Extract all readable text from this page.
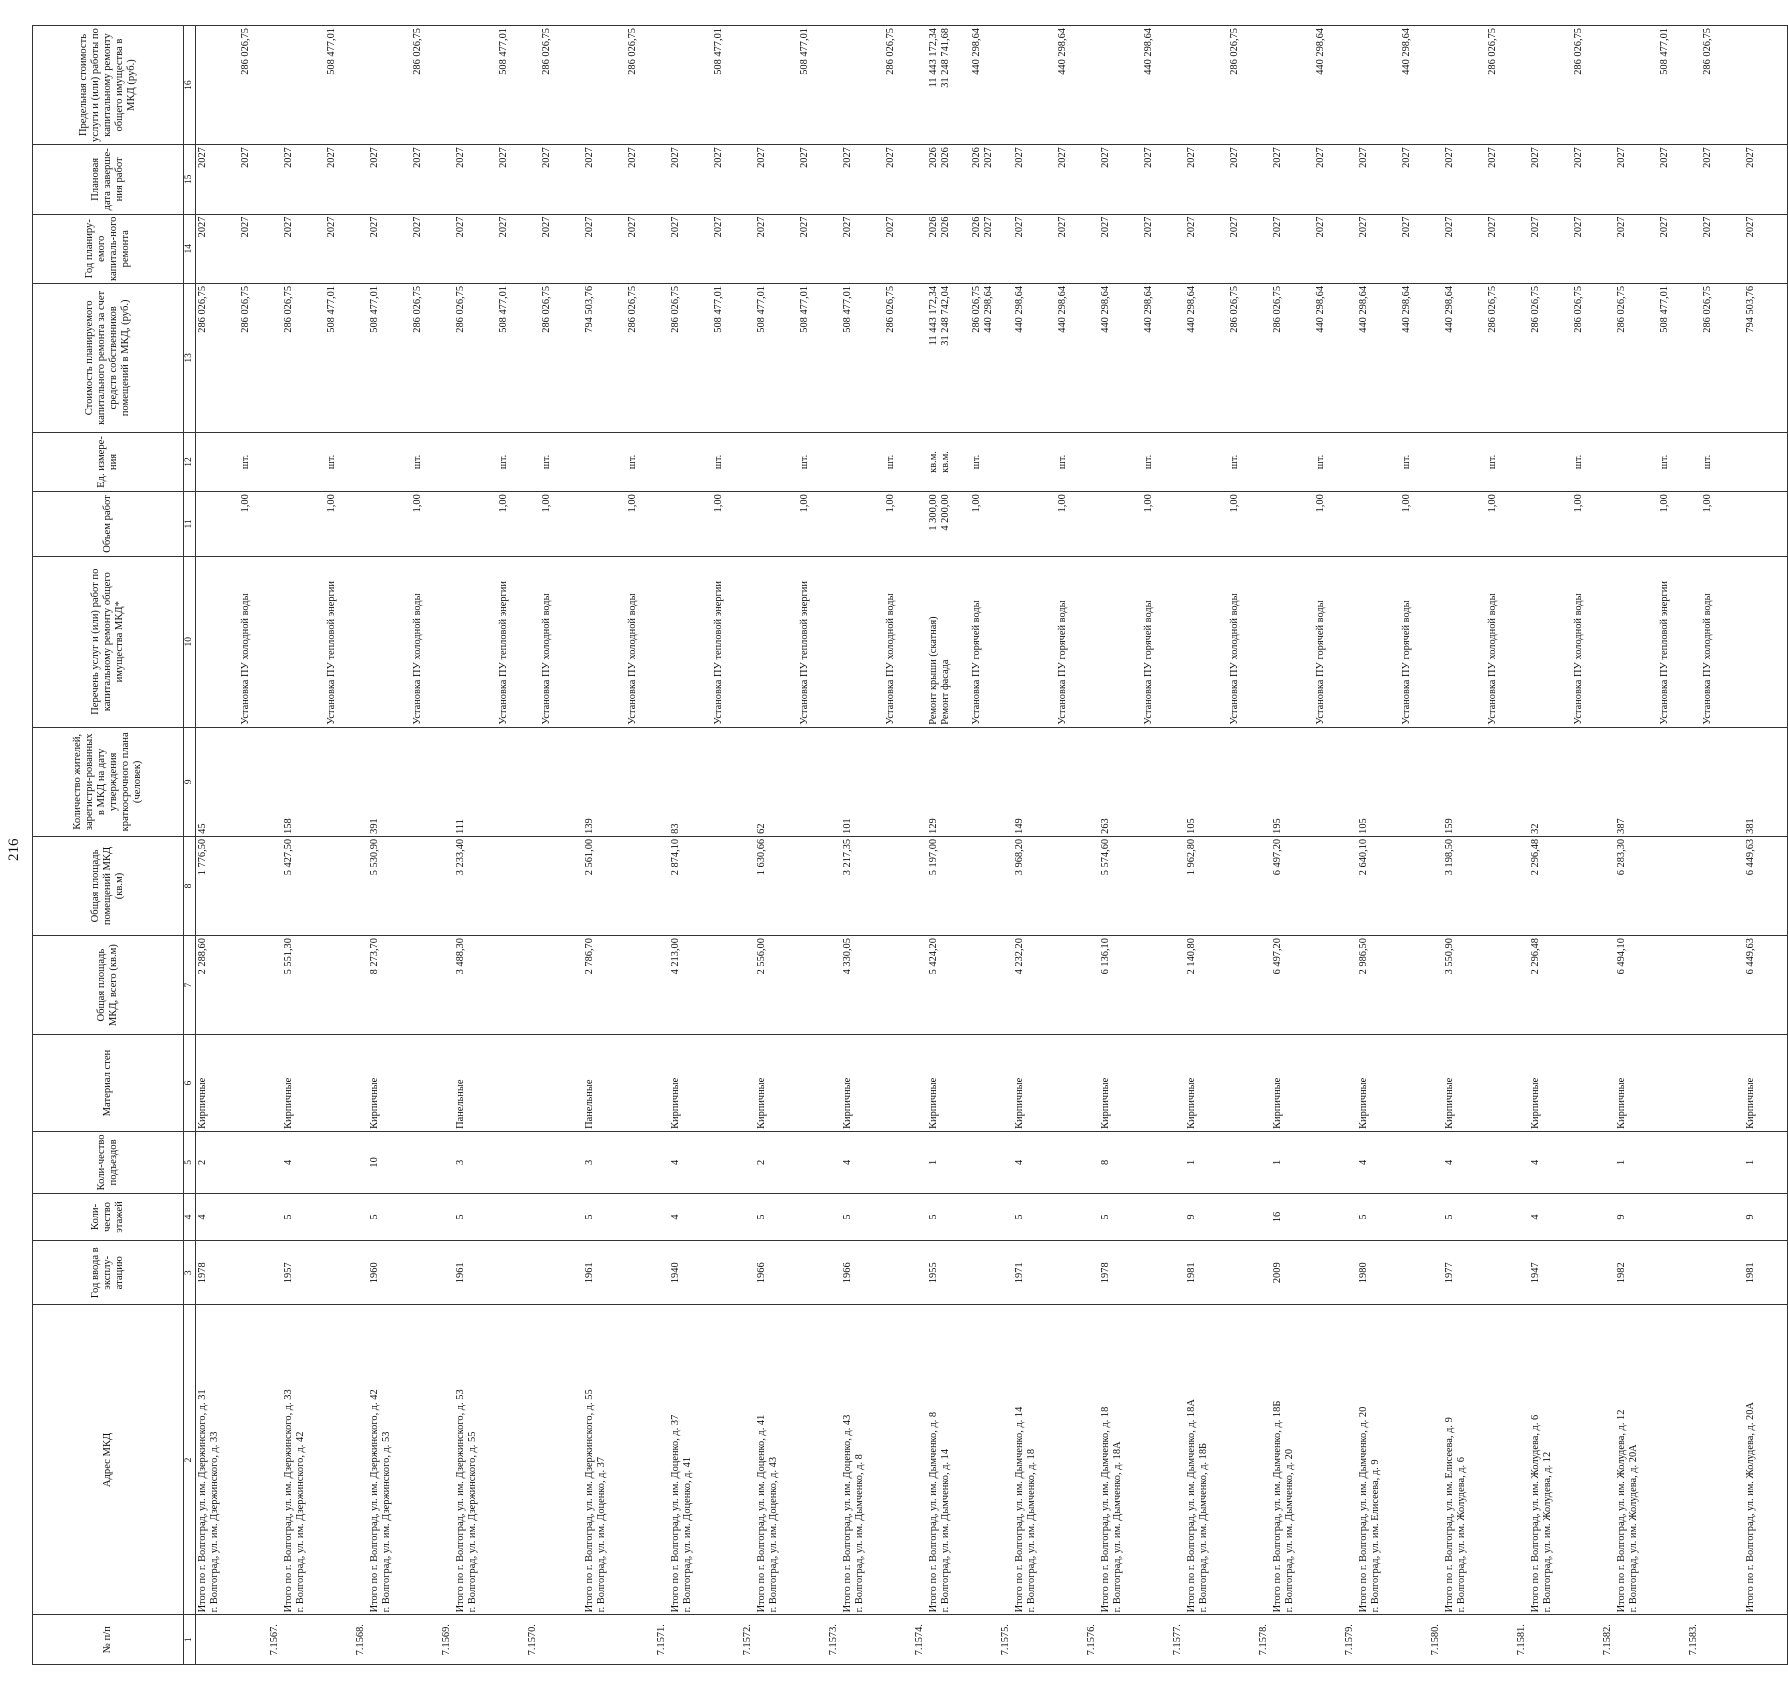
216
№ п/п	Адрес МКД	Год ввода в эксплу-атацию	Коли-чество этажей	Коли-чество подъездов	Материал стен	Общая площадь МКД, всего (кв.м)	Общая площадь помещений МКД (кв.м)	Количество жителей, зарегистри-рованных в МКД на дату утверждения краткосрочного плана (человек)	Перечень услуг и (или) работ по капитальному ремонту общего имущества МКД*	Объем работ	Ед. измере-ния	Стоимость планируемого капитального ремонта за счет средств собственников помещений в МКД, (руб.)	Год планиру-емого капиталь-ного ремонта	Плановая дата заверше-ния работ	Предельная стоимость услуги и (или) работы по капитальному ремонту общего имущества в МКД (руб.)
1	2	3	4	5	6	7	8	9	10	11	12	13	14	15	16

	Итого по г. Волгоград, ул. им. Дзержинского, д. 31 г. Волгоград, ул. им. Дзержинского, д. 33	1978	4	2	Кирпичные	2 288,60	1 776,50	45				286 026,75	2027	2027	

7.1567.									Установка ПУ холодной воды	1,00	шт.	286 026,75	2027	2027	286 026,75

	Итого по г. Волгоград, ул. им. Дзержинского, д. 33 г. Волгоград, ул. им. Дзержинского, д. 42	1957	5	4	Кирпичные	5 551,30	5 427,50	158				286 026,75	2027	2027	

7.1568.									Установка ПУ тепловой энергии	1,00	шт.	508 477,01	2027	2027	508 477,01

	Итого по г. Волгоград, ул. им. Дзержинского, д. 42 г. Волгоград, ул. им. Дзержинского, д. 53	1960	5	10	Кирпичные	8 273,70	5 530,90	391				508 477,01	2027	2027	

7.1569.									Установка ПУ холодной воды	1,00	шт.	286 026,75	2027	2027	286 026,75

	Итого по г. Волгоград, ул. им. Дзержинского, д. 53 г. Волгоград, ул. им. Дзержинского, д. 55	1961	5	3	Панельные	3 488,30	3 233,40	111				286 026,75	2027	2027	

7.1570.									Установка ПУ тепловой энергии	1,00	шт.	508 477,01	2027	2027	508 477,01

									Установка ПУ холодной воды	1,00	шт.	286 026,75	2027	2027	286 026,75

	Итого по г. Волгоград, ул. им. Дзержинского, д. 55 г. Волгоград, ул. им. Доценко, д. 37	1961	5	3	Панельные	2 786,70	2 561,00	139				794 503,76	2027	2027	

7.1571.									Установка ПУ холодной воды	1,00	шт.	286 026,75	2027	2027	286 026,75

	Итого по г. Волгоград, ул. им. Доценко, д. 37 г. Волгоград, ул. им. Доценко, д. 41	1940	4	4	Кирпичные	4 213,00	2 874,10	83				286 026,75	2027	2027	

7.1572.									Установка ПУ тепловой энергии	1,00	шт.	508 477,01	2027	2027	508 477,01

	Итого по г. Волгоград, ул. им. Доценко, д. 41 г. Волгоград, ул. им. Доценко, д. 43	1966	5	2	Кирпичные	2 556,00	1 630,66	62				508 477,01	2027	2027	

7.1573.									Установка ПУ тепловой энергии	1,00	шт.	508 477,01	2027	2027	508 477,01

	Итого по г. Волгоград, ул. им. Доценко, д. 43 г. Волгоград, ул. им. Дымченко, д. 8	1966	5	4	Кирпичные	4 330,05	3 217,35	101				508 477,01	2027	2027	

7.1574.									Установка ПУ холодной воды	1,00	шт.	286 026,75	2027	2027	286 026,75

	Итого по г. Волгоград, ул. им. Дымченко, д. 8 г. Волгоград, ул. им. Дымченко, д. 14	1955	5	1	Кирпичные	5 424,20	5 197,00	129	Ремонт крыши (скатная) Ремонт фасада	1 300,00 4 200,00	кв.м. кв.м.	11 443 172,34 31 248 742,04	2026 2026	2026 2026	11 443 172,34 31 248 741,68

7.1575.									Установка ПУ горячей воды	1,00	шт.	286 026,75 440 298,64	2026 2027	2026 2027	440 298,64

	Итого по г. Волгоград, ул. им. Дымченко, д. 14 г. Волгоград, ул. им. Дымченко, д. 18	1971	5	4	Кирпичные	4 232,20	3 968,20	149				440 298,64	2027	2027	

7.1576.									Установка ПУ горячей воды	1,00	шт.	440 298,64	2027	2027	440 298,64

	Итого по г. Волгоград, ул. им. Дымченко, д. 18 г. Волгоград, ул. им. Дымченко, д. 18А	1978	5	8	Кирпичные	6 136,10	5 574,60	263				440 298,64	2027	2027	

7.1577.									Установка ПУ горячей воды	1,00	шт.	440 298,64	2027	2027	440 298,64

	Итого по г. Волгоград, ул. им. Дымченко, д. 18А г. Волгоград, ул. им. Дымченко, д. 18Б	1981	9	1	Кирпичные	2 140,80	1 962,80	105				440 298,64	2027	2027	

7.1578.									Установка ПУ холодной воды	1,00	шт.	286 026,75	2027	2027	286 026,75

	Итого по г. Волгоград, ул. им. Дымченко, д. 18Б г. Волгоград, ул. им. Дымченко, д. 20	2009	16	1	Кирпичные	6 497,20	6 497,20	195				286 026,75	2027	2027	

7.1579.									Установка ПУ горячей воды	1,00	шт.	440 298,64	2027	2027	440 298,64

	Итого по г. Волгоград, ул. им. Дымченко, д. 20 г. Волгоград, ул. им. Елисеева, д. 9	1980	5	4	Кирпичные	2 986,50	2 640,10	105				440 298,64	2027	2027	

7.1580.									Установка ПУ горячей воды	1,00	шт.	440 298,64	2027	2027	440 298,64

	Итого по г. Волгоград, ул. им. Елисеева, д. 9 г. Волгоград, ул. им. Жолудева, д. 6	1977	5	4	Кирпичные	3 550,90	3 198,50	159				440 298,64	2027	2027	

7.1581.									Установка ПУ холодной воды	1,00	шт.	286 026,75	2027	2027	286 026,75

	Итого по г. Волгоград, ул. им. Жолудева, д. 6 г. Волгоград, ул. им. Жолудева, д. 12	1947	4	4	Кирпичные	2 296,48	2 296,48	32				286 026,75	2027	2027	

7.1582.									Установка ПУ холодной воды	1,00	шт.	286 026,75	2027	2027	286 026,75

	Итого по г. Волгоград, ул. им. Жолудева, д. 12 г. Волгоград, ул. им. Жолудева, д. 20А	1982	9	1	Кирпичные	6 494,10	6 283,30	387				286 026,75	2027	2027	

7.1583.									Установка ПУ тепловой энергии	1,00	шт.	508 477,01	2027	2027	508 477,01

									Установка ПУ холодной воды	1,00	шт.	286 026,75	2027	2027	286 026,75

	Итого по г. Волгоград, ул. им. Жолудева, д. 20А	1981	9	1	Кирпичные	6 449,63	6 449,63	381				794 503,76	2027	2027	
